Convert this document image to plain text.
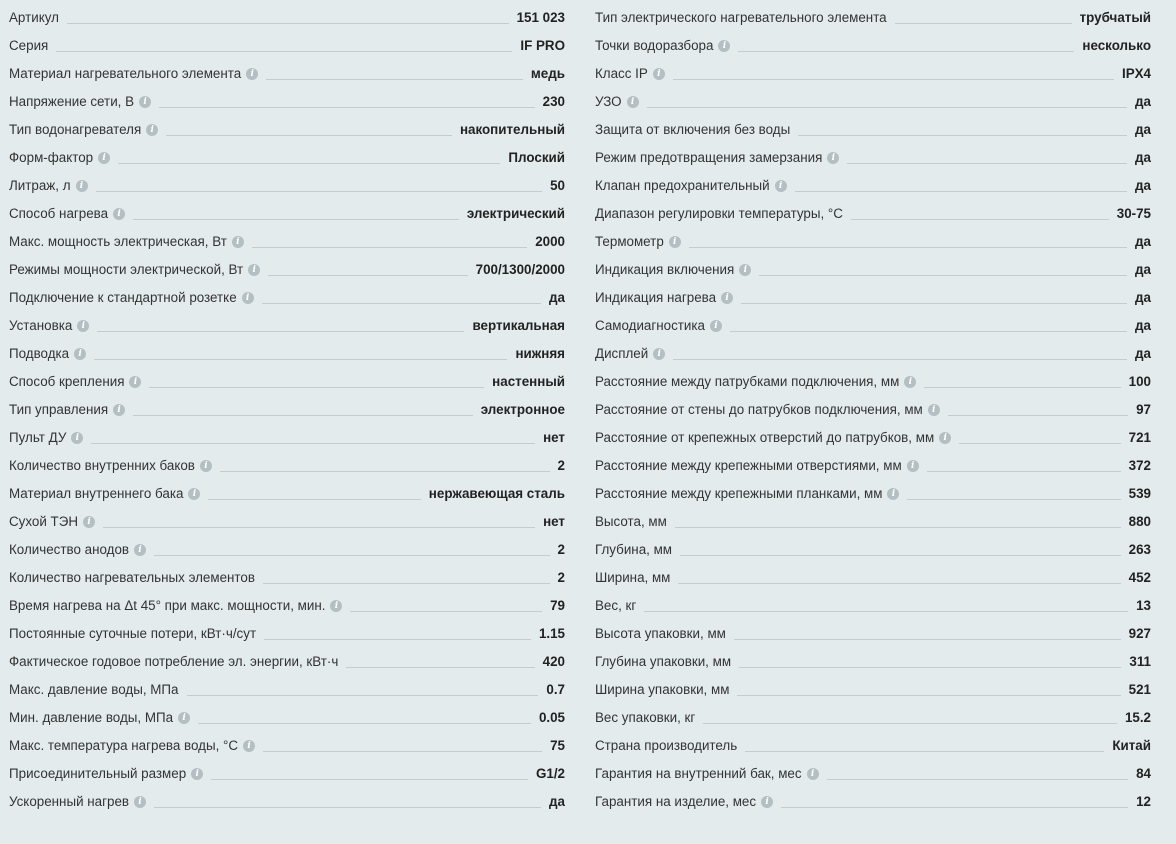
Артикул	151 023
Серия	IF PRO
Материал нагревательного элемента	i	медь
Напряжение сети, В	i	230
Тип водонагревателя	i	накопительный
Форм-фактор	i	Плоский
Литраж, л	i	50
Способ нагрева	i	электрический
Макс. мощность электрическая, Вт	i	2000
Режимы мощности электрической, Вт	i	700/1300/2000
Подключение к стандартной розетке	i	да
Установка	i	вертикальная
Подводка	i	нижняя
Способ крепления	i	настенный
Тип управления	i	электронное
Пульт ДУ	i	нет
Количество внутренних баков	i	2
Материал внутреннего бака	i	нержавеющая сталь
Сухой ТЭН	i	нет
Количество анодов	i	2
Количество нагревательных элементов	2
Время нагрева на Δt 45° при макс. мощности, мин.	i	79
Постоянные суточные потери, кВт·ч/сут	1.15
Фактическое годовое потребление эл. энергии, кВт·ч	420
Макс. давление воды, МПа	0.7
Мин. давление воды, МПа	i	0.05
Макс. температура нагрева воды, °C	i	75
Присоединительный размер	i	G1/2
Ускоренный нагрев	i	да
Тип электрического нагревательного элемента	трубчатый
Точки водоразбора	i	несколько
Класс IP	i	IPX4
УЗО	i	да
Защита от включения без воды	да
Режим предотвращения замерзания	i	да
Клапан предохранительный	i	да
Диапазон регулировки температуры, °C	30-75
Термометр	i	да
Индикация включения	i	да
Индикация нагрева	i	да
Самодиагностика	i	да
Дисплей	i	да
Расстояние между патрубками подключения, мм	i	100
Расстояние от стены до патрубков подключения, мм	i	97
Расстояние от крепежных отверстий до патрубков, мм	i	721
Расстояние между крепежными отверстиями, мм	i	372
Расстояние между крепежными планками, мм	i	539
Высота, мм	880
Глубина, мм	263
Ширина, мм	452
Вес, кг	13
Высота упаковки, мм	927
Глубина упаковки, мм	311
Ширина упаковки, мм	521
Вес упаковки, кг	15.2
Страна производитель	Китай
Гарантия на внутренний бак, мес	i	84
Гарантия на изделие, мес	i	12
